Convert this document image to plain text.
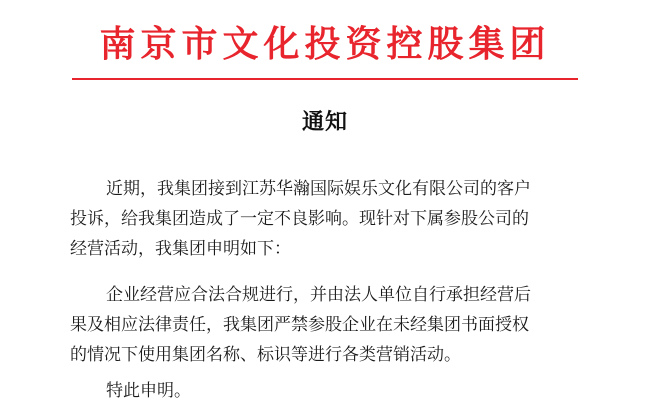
南京市文化投资控股集团
通知
近期，我集团接到江苏华瀚国际娱乐文化有限公司的客户
投诉，给我集团造成了一定不良影响。现针对下属参股公司的
经营活动，我集团申明如下：
企业经营应合法合规进行，并由法人单位自行承担经营后
果及相应法律责任，我集团严禁参股企业在未经集团书面授权
的情况下使用集团名称、标识等进行各类营销活动。
特此申明。
